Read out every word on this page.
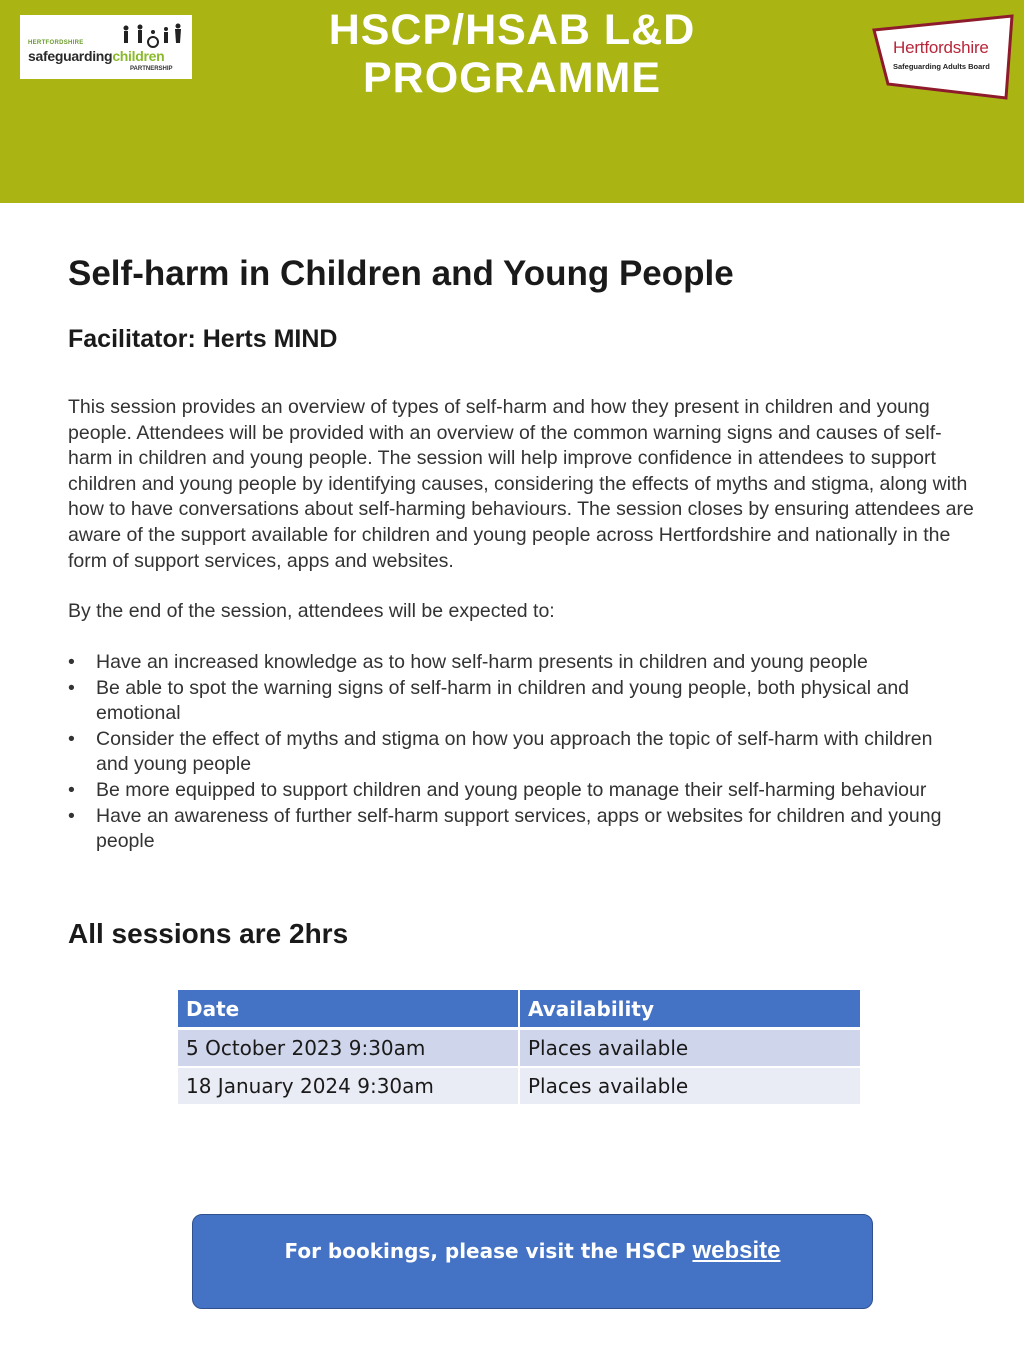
HERTFORDSHIRE
safeguardingchildren
PARTNERSHIP
HSCP/HSAB L&D
PROGRAMME
Hertfordshire
Safeguarding Adults Board
Self-harm in Children and Young People
Facilitator: Herts MIND

This session provides an overview of types of self-harm and how they present in children and young people. Attendees will be provided with an overview of the common warning signs and causes of self-harm in children and young people. The session will help improve confidence in attendees to support children and young people by identifying causes, considering the effects of myths and stigma, along with how to have conversations about self-harming behaviours. The session closes by ensuring attendees are aware of the support available for children and young people across Hertfordshire and nationally in the form of support services, apps and websites.

By the end of the session, attendees will be expected to:

• Have an increased knowledge as to how self-harm presents in children and young people
• Be able to spot the warning signs of self-harm in children and young people, both physical and emotional
• Consider the effect of myths and stigma on how you approach the topic of self-harm with children and young people
• Be more equipped to support children and young people to manage their self-harming behaviour
• Have an awareness of further self-harm support services, apps or websites for children and young people
All sessions are 2hrs
Date	Availability
5 October 2023 9:30am	Places available
18 January 2024 9:30am	Places available
For bookings, please visit the HSCP website
